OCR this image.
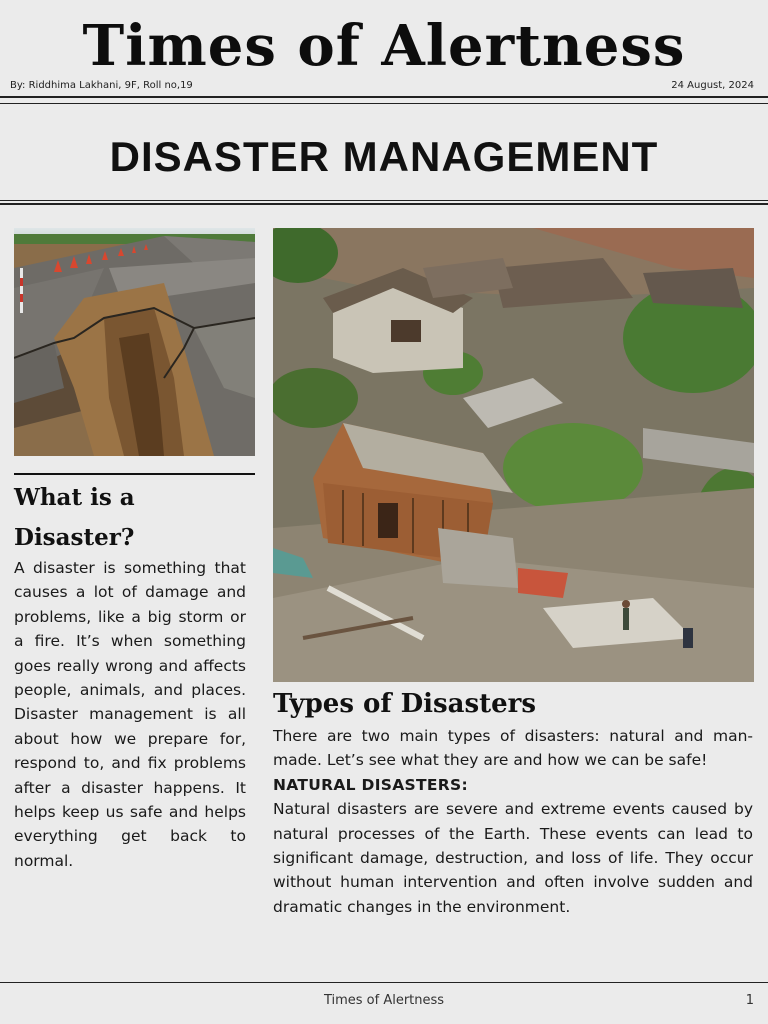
Times of Alertness
By: Riddhima Lakhani, 9F, Roll no,19	24 August, 2024
DISASTER MANAGEMENT
What is a
Disaster?
A disaster is something that causes a lot of damage and problems, like a big storm or a fire. It’s when something goes really wrong and affects people, animals, and places. Disaster management is all about how we prepare for, respond to, and fix problems after a disaster happens. It helps keep us safe and helps everything get back to normal.
Types of Disasters

There are two main types of disasters: natural and man-made. Let’s see what they are and how we can be safe!

NATURAL DISASTERS:

Natural disasters are severe and extreme events caused by natural processes of the Earth. These events can lead to significant damage, destruction, and loss of life. They occur without human intervention and often involve sudden and dramatic changes in the environment.

Times of Alertness	1
